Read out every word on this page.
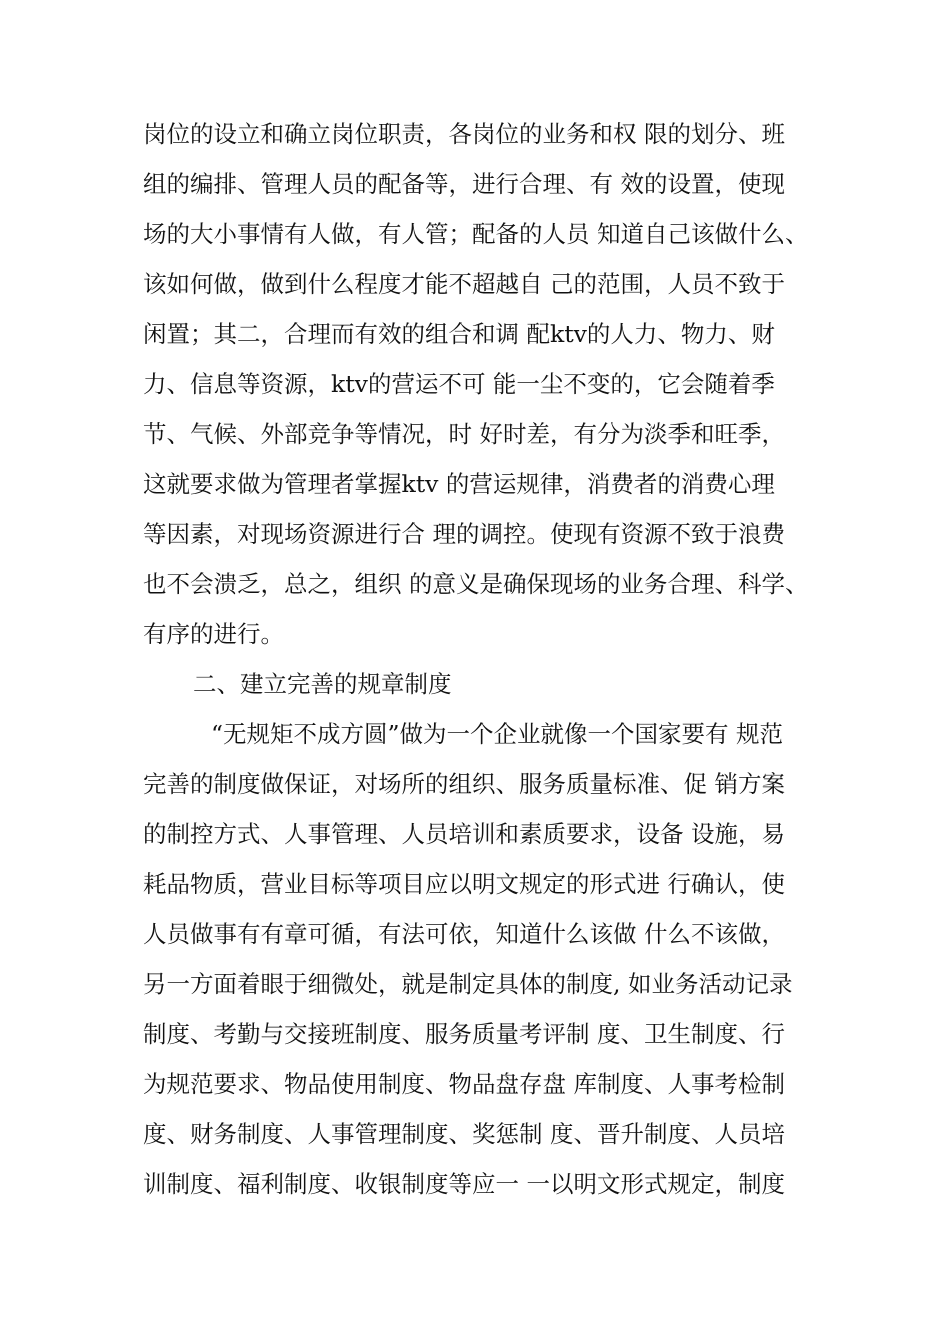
岗位的设立和确立岗位职责，各岗位的业务和权 限的划分、班
组的编排、管理人员的配备等，进行合理、有 效的设置，使现
场的大小事情有人做，有人管；配备的人员 知道自己该做什么、
该如何做，做到什么程度才能不超越自 己的范围，人员不致于
闲置；其二，合理而有效的组合和调 配ktv的人力、物力、财
力、信息等资源，ktv的营运不可 能一尘不变的，它会随着季
节、气候、外部竞争等情况，时 好时差，有分为淡季和旺季，
这就要求做为管理者掌握ktv 的营运规律，消费者的消费心理
等因素，对现场资源进行合 理的调控。使现有资源不致于浪费
也不会溃乏，总之，组织 的意义是确保现场的业务合理、科学、
有序的进行。
二、建立完善的规章制度
“无规矩不成方圆”做为一个企业就像一个国家要有 规范
完善的制度做保证，对场所的组织、服务质量标准、促 销方案
的制控方式、人事管理、人员培训和素质要求，设备 设施，易
耗品物质，营业目标等项目应以明文规定的形式进 行确认，使
人员做事有有章可循，有法可依，知道什么该做 什么不该做，
另一方面着眼于细微处，就是制定具体的制度, 如业务活动记录
制度、考勤与交接班制度、服务质量考评制 度、卫生制度、行
为规范要求、物品使用制度、物品盘存盘 库制度、人事考检制
度、财务制度、人事管理制度、奖惩制 度、晋升制度、人员培
训制度、福利制度、收银制度等应一 一以明文形式规定，制度
